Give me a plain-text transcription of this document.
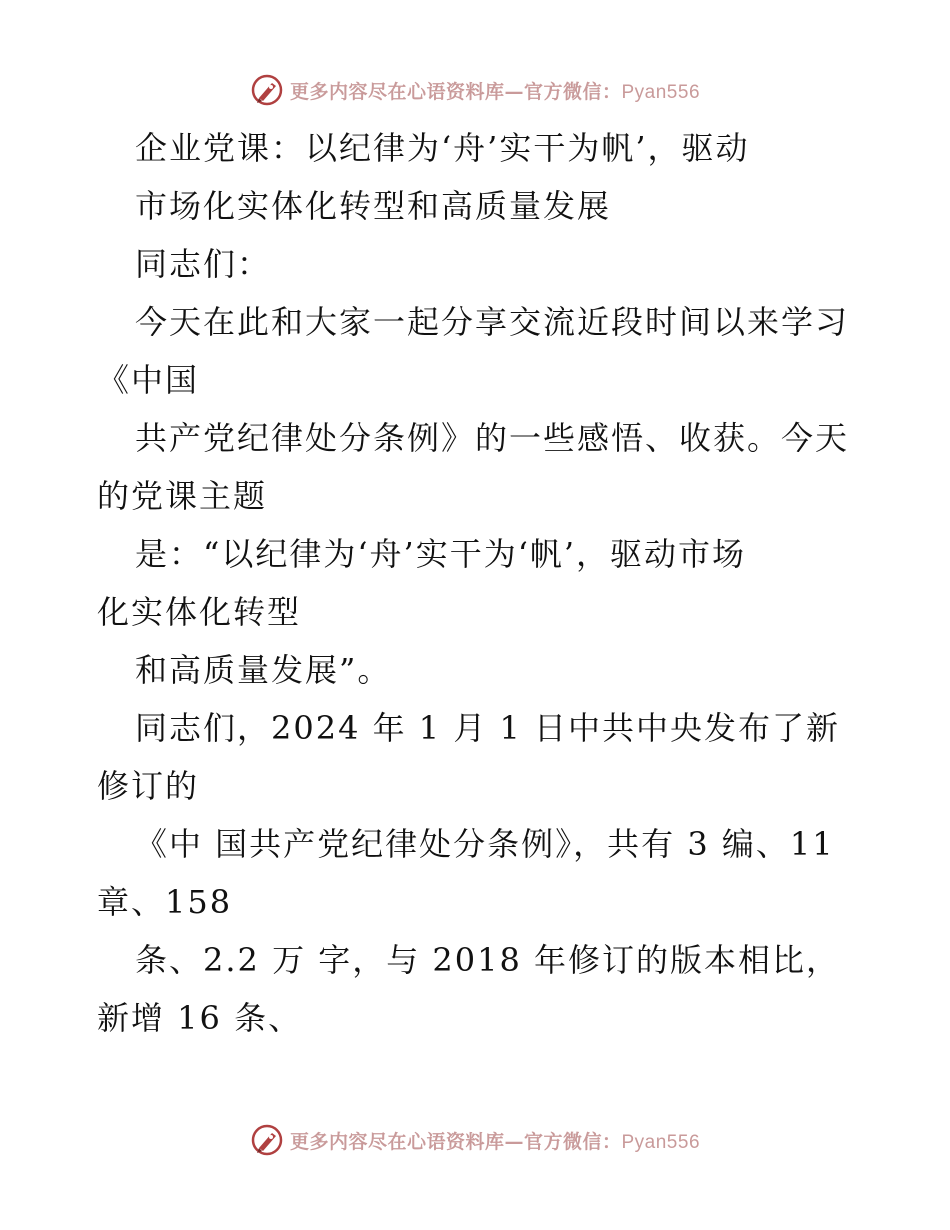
更多内容尽在心语资料库—官方微信：Pyan556
企业党课：以纪律为‘舟’实干为帆’，驱动
市场化实体化转型和高质量发展
同志们：
今天在此和大家一起分享交流近段时间以来学习
《中国
共产党纪律处分条例》的一些感悟、收获。今天
的党课主题
是：“以纪律为‘舟’实干为‘帆’，驱动市场
化实体化转型
和高质量发展”。
同志们，2024 年 1 月 1 日中共中央发布了新
修订的
《中 国共产党纪律处分条例》，共有 3 编、11
章、158
条、2.2 万 字，与 2018 年修订的版本相比，
新增 16 条、
更多内容尽在心语资料库—官方微信：Pyan556
